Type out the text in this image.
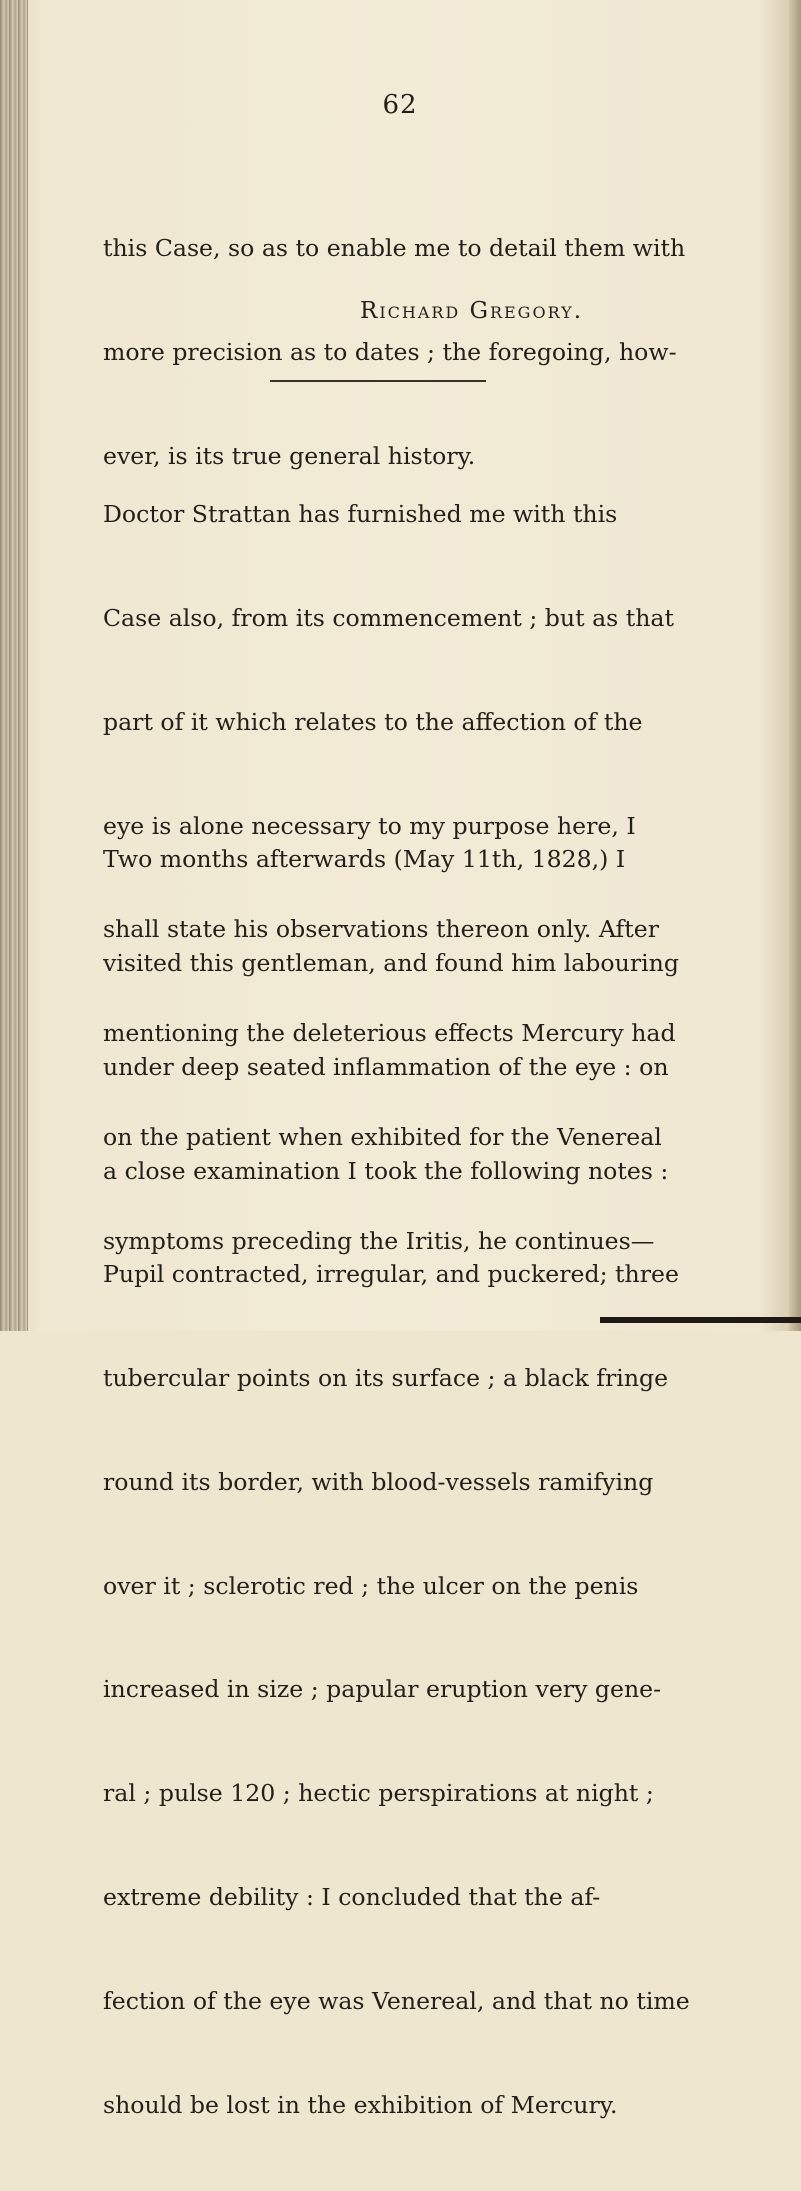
62

this Case, so as to enable me to detail them with

more precision as to dates ; the foregoing, how-

ever, is its true general history.

Richard Gregory.

Doctor Strattan has furnished me with this

Case also, from its commencement ; but as that

part of it which relates to the affection of the

eye is alone necessary to my purpose here, I

shall state his observations thereon only. After

mentioning the deleterious effects Mercury had

on the patient when exhibited for the Venereal

symptoms preceding the Iritis, he continues—

Two months afterwards (May 11th, 1828,) I

visited this gentleman, and found him labouring

under deep seated inflammation of the eye : on

a close examination I took the following notes :

Pupil contracted, irregular, and puckered; three

tubercular points on its surface ; a black fringe

round its border, with blood-vessels ramifying

over it ; sclerotic red ; the ulcer on the penis

increased in size ; papular eruption very gene-

ral ; pulse 120 ; hectic perspirations at night ;

extreme debility : I concluded that the af-

fection of the eye was Venereal, and that no time

should be lost in the exhibition of Mercury.
